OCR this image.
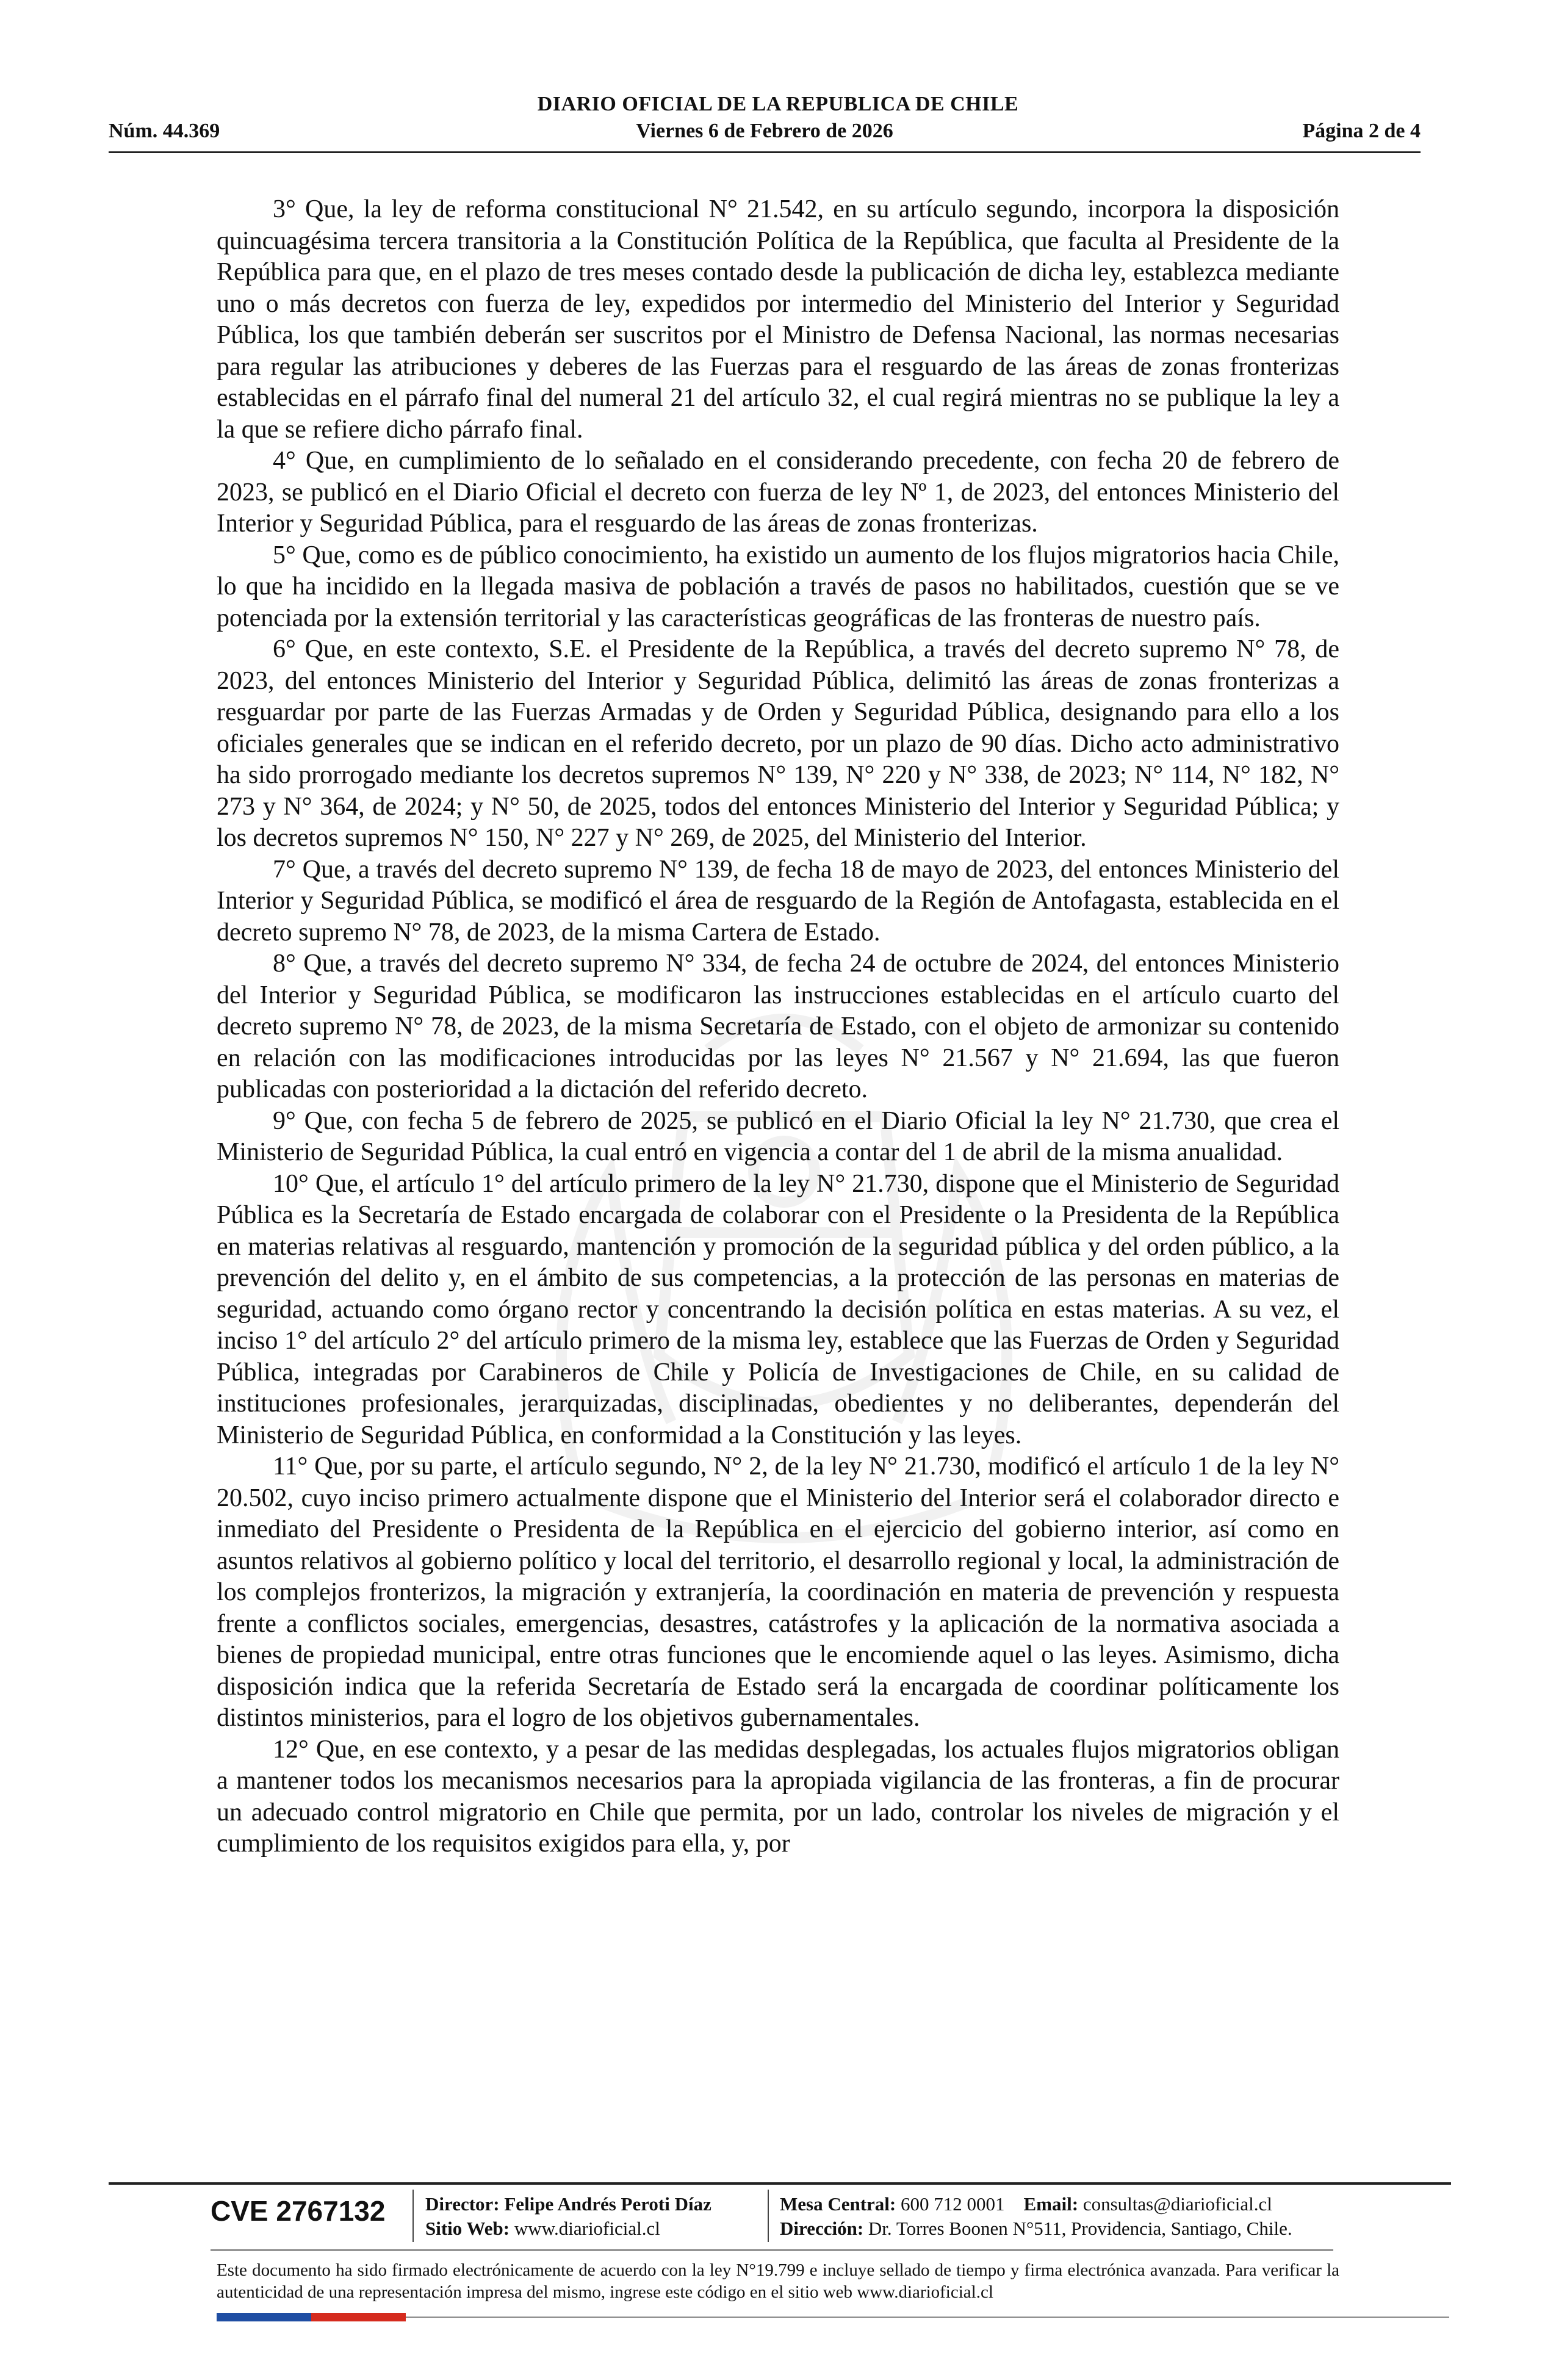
DIARIO OFICIAL DE LA REPUBLICA DE CHILE
Núm. 44.369	Viernes 6 de Febrero de 2026	Página 2 de 4

3° Que, la ley de reforma constitucional N° 21.542, en su artículo segundo, incorpora la disposición quincuagésima tercera transitoria a la Constitución Política de la República, que faculta al Presidente de la República para que, en el plazo de tres meses contado desde la publicación de dicha ley, establezca mediante uno o más decretos con fuerza de ley, expedidos por intermedio del Ministerio del Interior y Seguridad Pública, los que también deberán ser suscritos por el Ministro de Defensa Nacional, las normas necesarias para regular las atribuciones y deberes de las Fuerzas para el resguardo de las áreas de zonas fronterizas establecidas en el párrafo final del numeral 21 del artículo 32, el cual regirá mientras no se publique la ley a la que se refiere dicho párrafo final.

4° Que, en cumplimiento de lo señalado en el considerando precedente, con fecha 20 de febrero de 2023, se publicó en el Diario Oficial el decreto con fuerza de ley Nº 1, de 2023, del entonces Ministerio del Interior y Seguridad Pública, para el resguardo de las áreas de zonas fronterizas.

5° Que, como es de público conocimiento, ha existido un aumento de los flujos migratorios hacia Chile, lo que ha incidido en la llegada masiva de población a través de pasos no habilitados, cuestión que se ve potenciada por la extensión territorial y las características geográficas de las fronteras de nuestro país.

6° Que, en este contexto, S.E. el Presidente de la República, a través del decreto supremo N° 78, de 2023, del entonces Ministerio del Interior y Seguridad Pública, delimitó las áreas de zonas fronterizas a resguardar por parte de las Fuerzas Armadas y de Orden y Seguridad Pública, designando para ello a los oficiales generales que se indican en el referido decreto, por un plazo de 90 días. Dicho acto administrativo ha sido prorrogado mediante los decretos supremos N° 139, N° 220 y N° 338, de 2023; N° 114, N° 182, N° 273 y N° 364, de 2024; y N° 50, de 2025, todos del entonces Ministerio del Interior y Seguridad Pública; y los decretos supremos N° 150, N° 227 y N° 269, de 2025, del Ministerio del Interior.

7° Que, a través del decreto supremo N° 139, de fecha 18 de mayo de 2023, del entonces Ministerio del Interior y Seguridad Pública, se modificó el área de resguardo de la Región de Antofagasta, establecida en el decreto supremo N° 78, de 2023, de la misma Cartera de Estado.

8° Que, a través del decreto supremo N° 334, de fecha 24 de octubre de 2024, del entonces Ministerio del Interior y Seguridad Pública, se modificaron las instrucciones establecidas en el artículo cuarto del decreto supremo N° 78, de 2023, de la misma Secretaría de Estado, con el objeto de armonizar su contenido en relación con las modificaciones introducidas por las leyes N° 21.567 y N° 21.694, las que fueron publicadas con posterioridad a la dictación del referido decreto.

9° Que, con fecha 5 de febrero de 2025, se publicó en el Diario Oficial la ley N° 21.730, que crea el Ministerio de Seguridad Pública, la cual entró en vigencia a contar del 1 de abril de la misma anualidad.

10° Que, el artículo 1° del artículo primero de la ley N° 21.730, dispone que el Ministerio de Seguridad Pública es la Secretaría de Estado encargada de colaborar con el Presidente o la Presidenta de la República en materias relativas al resguardo, mantención y promoción de la seguridad pública y del orden público, a la prevención del delito y, en el ámbito de sus competencias, a la protección de las personas en materias de seguridad, actuando como órgano rector y concentrando la decisión política en estas materias. A su vez, el inciso 1° del artículo 2° del artículo primero de la misma ley, establece que las Fuerzas de Orden y Seguridad Pública, integradas por Carabineros de Chile y Policía de Investigaciones de Chile, en su calidad de instituciones profesionales, jerarquizadas, disciplinadas, obedientes y no deliberantes, dependerán del Ministerio de Seguridad Pública, en conformidad a la Constitución y las leyes.

11° Que, por su parte, el artículo segundo, N° 2, de la ley N° 21.730, modificó el artículo 1 de la ley N° 20.502, cuyo inciso primero actualmente dispone que el Ministerio del Interior será el colaborador directo e inmediato del Presidente o Presidenta de la República en el ejercicio del gobierno interior, así como en asuntos relativos al gobierno político y local del territorio, el desarrollo regional y local, la administración de los complejos fronterizos, la migración y extranjería, la coordinación en materia de prevención y respuesta frente a conflictos sociales, emergencias, desastres, catástrofes y la aplicación de la normativa asociada a bienes de propiedad municipal, entre otras funciones que le encomiende aquel o las leyes. Asimismo, dicha disposición indica que la referida Secretaría de Estado será la encargada de coordinar políticamente los distintos ministerios, para el logro de los objetivos gubernamentales.

12° Que, en ese contexto, y a pesar de las medidas desplegadas, los actuales flujos migratorios obligan a mantener todos los mecanismos necesarios para la apropiada vigilancia de las fronteras, a fin de procurar un adecuado control migratorio en Chile que permita, por un lado, controlar los niveles de migración y el cumplimiento de los requisitos exigidos para ella, y, por

CVE 2767132 Director: Felipe Andrés Peroti Díaz
Sitio Web: www.diarioficial.cl
Mesa Central: 600 712 0001 Email: consultas@diarioficial.cl
Dirección: Dr. Torres Boonen N°511, Providencia, Santiago, Chile.
Este documento ha sido firmado electrónicamente de acuerdo con la ley N°19.799 e incluye sellado de tiempo y firma electrónica avanzada. Para verificar la autenticidad de una representación impresa del mismo, ingrese este código en el sitio web www.diarioficial.cl
